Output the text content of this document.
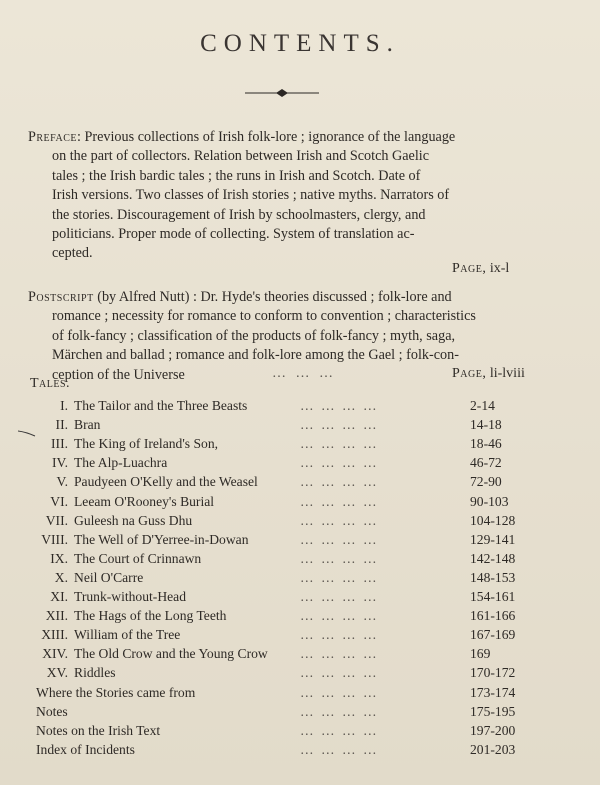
CONTENTS.
Preface: Previous collections of Irish folk-lore ; ignorance of the language
on the part of collectors. Relation between Irish and Scotch Gaelic
tales ; the Irish bardic tales ; the runs in Irish and Scotch. Date of
Irish versions. Two classes of Irish stories ; native myths. Narrators of
the stories. Discouragement of Irish by schoolmasters, clergy, and
politicians. Proper mode of collecting. System of translation ac-
cepted.
Page, ix-l
Postscript (by Alfred Nutt) : Dr. Hyde's theories discussed ; folk-lore and
romance ; necessity for romance to conform to convention ; characteristics
of folk-fancy ; classification of the products of folk-fancy ; myth, saga,
Märchen and ballad ; romance and folk-lore among the Gael ; folk-con-
ception of the Universe	… … …	Page, li-lviii
Tales.
I. The Tailor and the Three Beasts	… … … …	2-14
II. Bran	… … … …	14-18
III. The King of Ireland's Son,	… … … …	18-46
IV. The Alp-Luachra	… … … …	46-72
V. Paudyeen O'Kelly and the Weasel	… … … …	72-90
VI. Leeam O'Rooney's Burial	… … … …	90-103
VII. Guleesh na Guss Dhu	… … … …	104-128
VIII. The Well of D'Yerree-in-Dowan	… … … …	129-141
IX. The Court of Crinnawn	… … … …	142-148
X. Neil O'Carre	… … … …	148-153
XI. Trunk-without-Head	… … … …	154-161
XII. The Hags of the Long Teeth	… … … …	161-166
XIII. William of the Tree	… … … …	167-169
XIV. The Old Crow and the Young Crow … … … …	169
XV. Riddles	… … … …	170-172
Where the Stories came from	… … … …	173-174
Notes	… … … …	175-195
Notes on the Irish Text	… … … …	197-200
Index of Incidents	… … … …	201-203
